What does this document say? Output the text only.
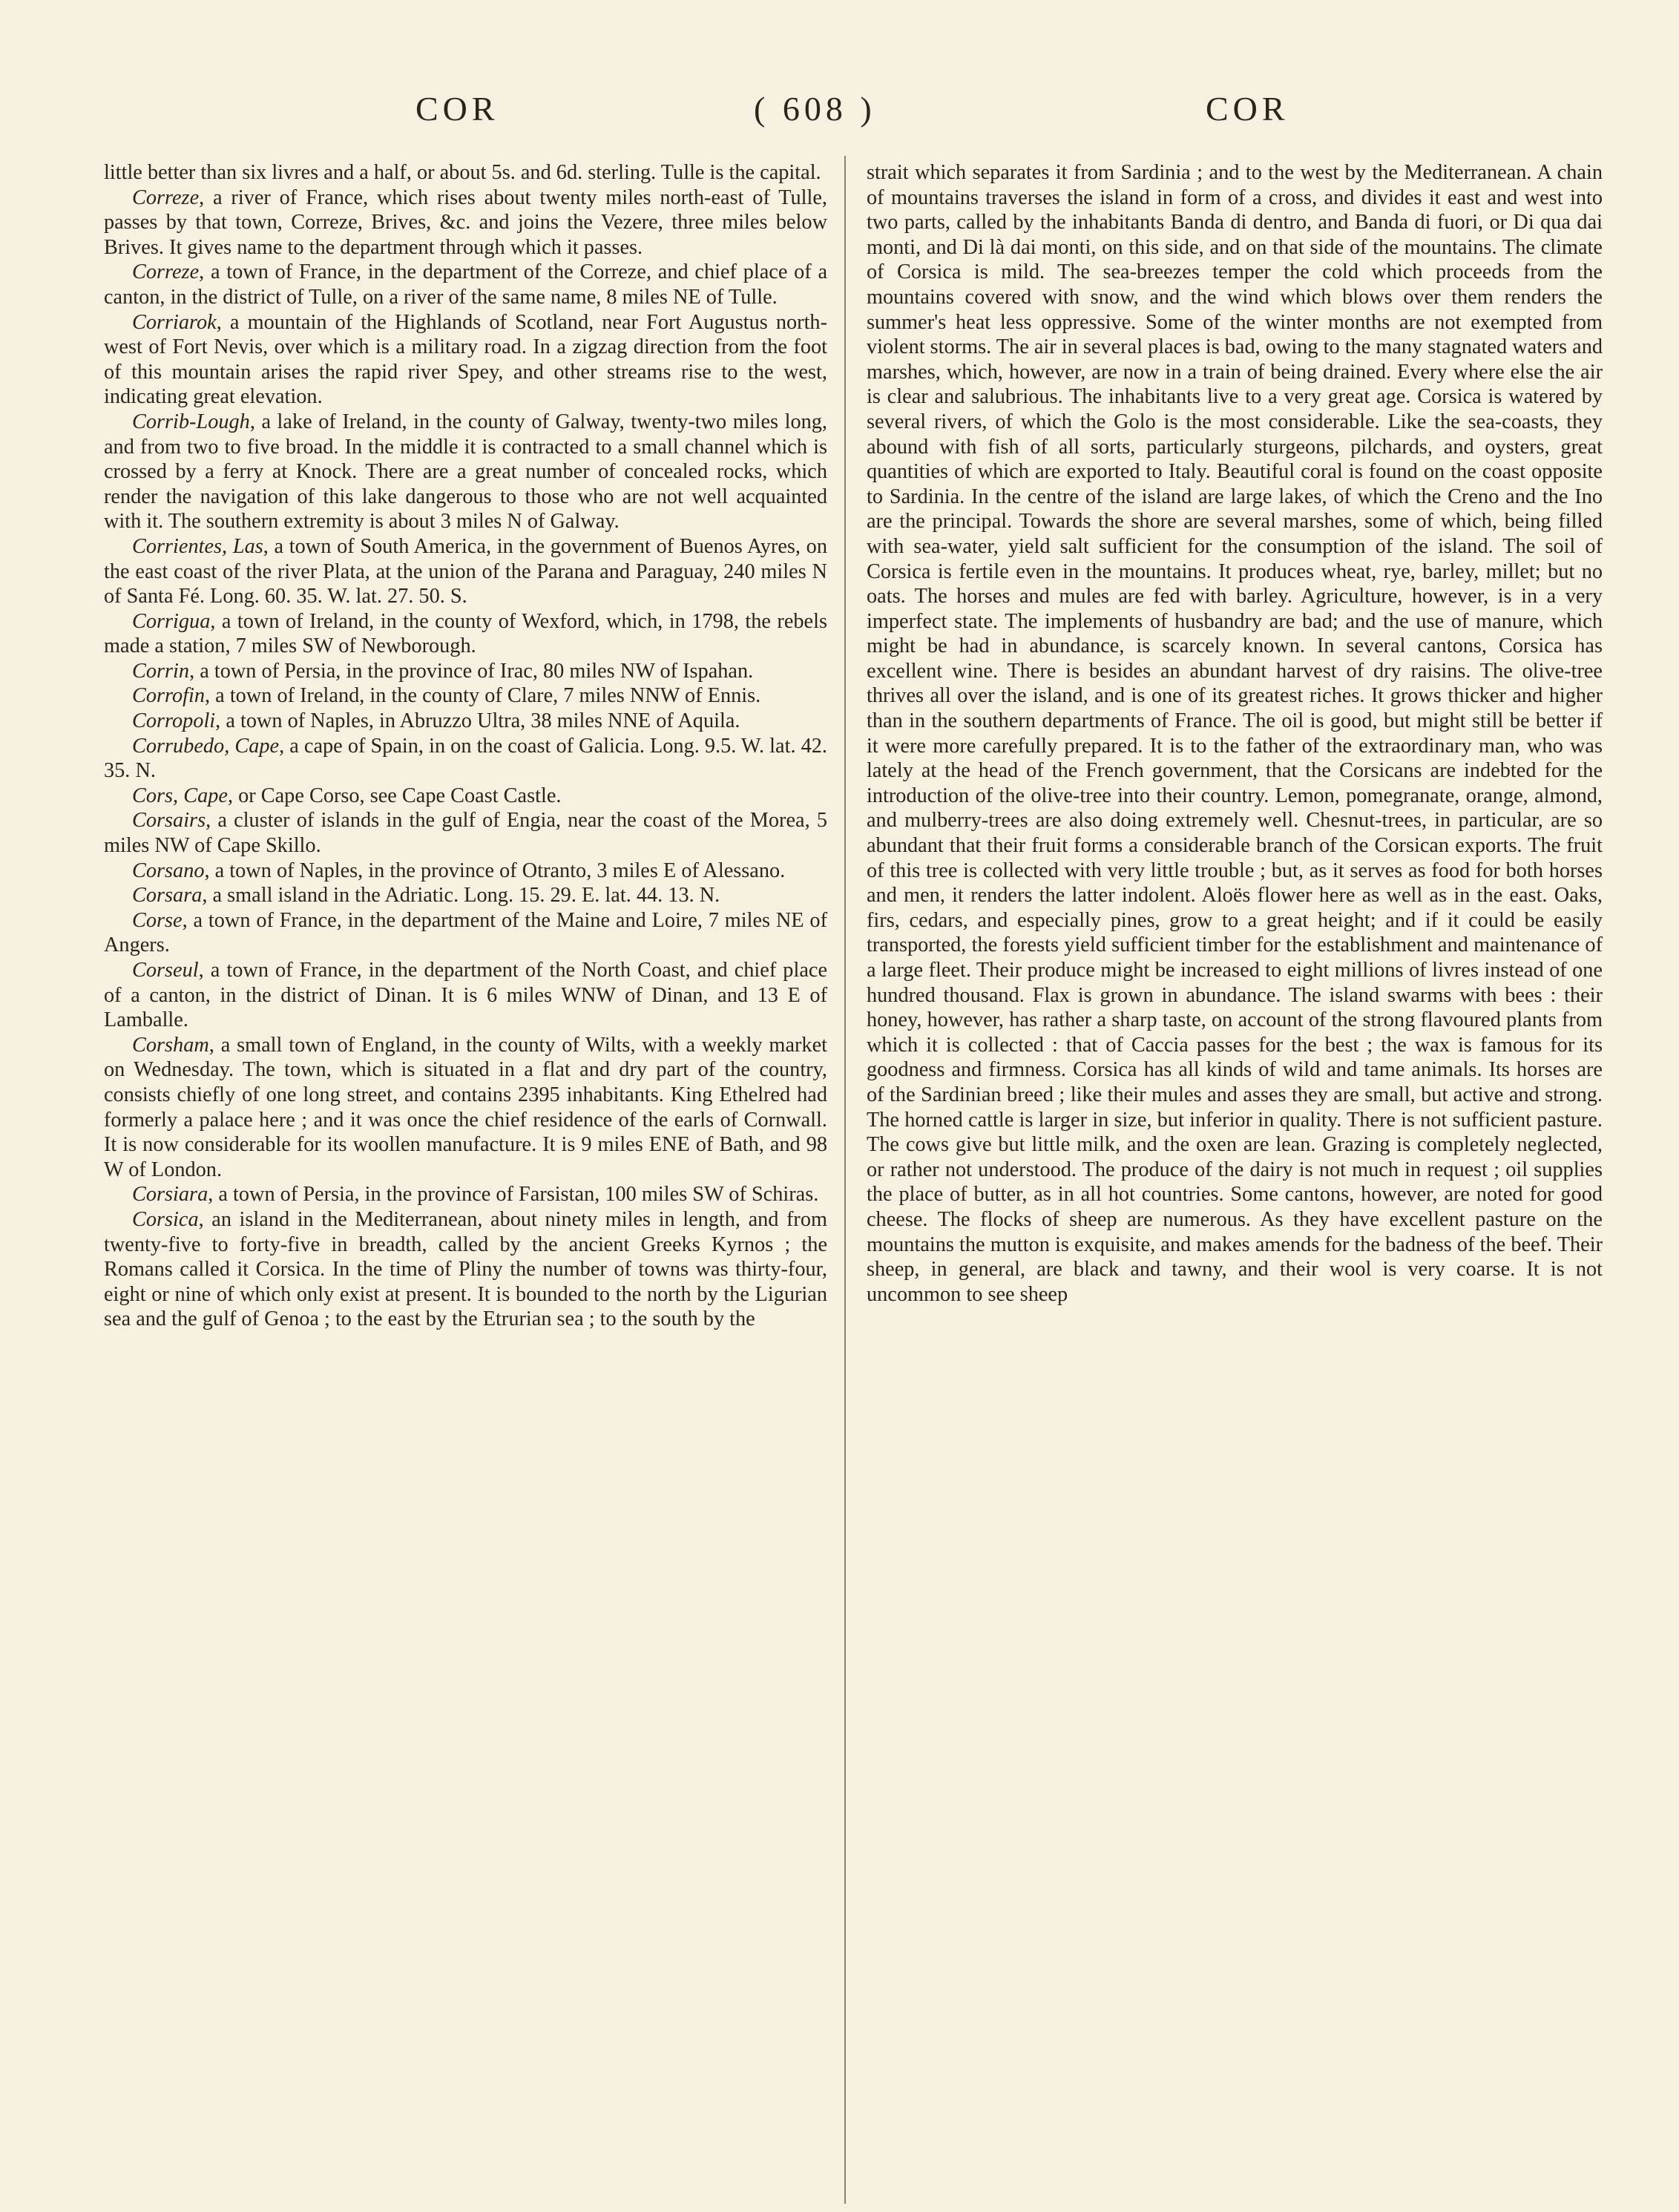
COR	( 608 )	COR

little better than six livres and a half, or about 5s. and 6d. sterling. Tulle is the capital.

Correze, a river of France, which rises about twenty miles north-east of Tulle, passes by that town, Correze, Brives, &c. and joins the Vezere, three miles below Brives. It gives name to the department through which it passes.

Correze, a town of France, in the department of the Correze, and chief place of a canton, in the district of Tulle, on a river of the same name, 8 miles NE of Tulle.

Corriarok, a mountain of the Highlands of Scotland, near Fort Augustus north-west of Fort Nevis, over which is a military road. In a zigzag direction from the foot of this mountain arises the rapid river Spey, and other streams rise to the west, indicating great elevation.

Corrib-Lough, a lake of Ireland, in the county of Galway, twenty-two miles long, and from two to five broad. In the middle it is contracted to a small channel which is crossed by a ferry at Knock. There are a great number of concealed rocks, which render the navigation of this lake dangerous to those who are not well acquainted with it. The southern extremity is about 3 miles N of Galway.

Corrientes, Las, a town of South America, in the government of Buenos Ayres, on the east coast of the river Plata, at the union of the Parana and Paraguay, 240 miles N of Santa Fé. Long. 60. 35. W. lat. 27. 50. S.

Corrigua, a town of Ireland, in the county of Wexford, which, in 1798, the rebels made a station, 7 miles SW of Newborough.

Corrin, a town of Persia, in the province of Irac, 80 miles NW of Ispahan.

Corrofin, a town of Ireland, in the county of Clare, 7 miles NNW of Ennis.

Corropoli, a town of Naples, in Abruzzo Ultra, 38 miles NNE of Aquila.

Corrubedo, Cape, a cape of Spain, in on the coast of Galicia. Long. 9.5. W. lat. 42. 35. N.

Cors, Cape, or Cape Corso, see Cape Coast Castle.

Corsairs, a cluster of islands in the gulf of Engia, near the coast of the Morea, 5 miles NW of Cape Skillo.

Corsano, a town of Naples, in the province of Otranto, 3 miles E of Alessano.

Corsara, a small island in the Adriatic. Long. 15. 29. E. lat. 44. 13. N.

Corse, a town of France, in the department of the Maine and Loire, 7 miles NE of Angers.

Corseul, a town of France, in the department of the North Coast, and chief place of a canton, in the district of Dinan. It is 6 miles WNW of Dinan, and 13 E of Lamballe.

Corsham, a small town of England, in the county of Wilts, with a weekly market on Wednesday. The town, which is situated in a flat and dry part of the country, consists chiefly of one long street, and contains 2395 inhabitants. King Ethelred had formerly a palace here ; and it was once the chief residence of the earls of Cornwall. It is now considerable for its woollen manufacture. It is 9 miles ENE of Bath, and 98 W of London.

Corsiara, a town of Persia, in the province of Farsistan, 100 miles SW of Schiras.

Corsica, an island in the Mediterranean, about ninety miles in length, and from twenty-five to forty-five in breadth, called by the ancient Greeks Kyrnos ; the Romans called it Corsica. In the time of Pliny the number of towns was thirty-four, eight or nine of which only exist at present. It is bounded to the north by the Ligurian sea and the gulf of Genoa ; to the east by the Etrurian sea ; to the south by the

strait which separates it from Sardinia ; and to the west by the Mediterranean. A chain of mountains traverses the island in form of a cross, and divides it east and west into two parts, called by the inhabitants Banda di dentro, and Banda di fuori, or Di qua dai monti, and Di là dai monti, on this side, and on that side of the mountains. The climate of Corsica is mild. The sea-breezes temper the cold which proceeds from the mountains covered with snow, and the wind which blows over them renders the summer's heat less oppressive. Some of the winter months are not exempted from violent storms. The air in several places is bad, owing to the many stagnated waters and marshes, which, however, are now in a train of being drained. Every where else the air is clear and salubrious. The inhabitants live to a very great age. Corsica is watered by several rivers, of which the Golo is the most considerable. Like the sea-coasts, they abound with fish of all sorts, particularly sturgeons, pilchards, and oysters, great quantities of which are exported to Italy. Beautiful coral is found on the coast opposite to Sardinia. In the centre of the island are large lakes, of which the Creno and the Ino are the principal. Towards the shore are several marshes, some of which, being filled with sea-water, yield salt sufficient for the consumption of the island. The soil of Corsica is fertile even in the mountains. It produces wheat, rye, barley, millet; but no oats. The horses and mules are fed with barley. Agriculture, however, is in a very imperfect state. The implements of husbandry are bad; and the use of manure, which might be had in abundance, is scarcely known. In several cantons, Corsica has excellent wine. There is besides an abundant harvest of dry raisins. The olive-tree thrives all over the island, and is one of its greatest riches. It grows thicker and higher than in the southern departments of France. The oil is good, but might still be better if it were more carefully prepared. It is to the father of the extraordinary man, who was lately at the head of the French government, that the Corsicans are indebted for the introduction of the olive-tree into their country. Lemon, pomegranate, orange, almond, and mulberry-trees are also doing extremely well. Chesnut-trees, in particular, are so abundant that their fruit forms a considerable branch of the Corsican exports. The fruit of this tree is collected with very little trouble ; but, as it serves as food for both horses and men, it renders the latter indolent. Aloës flower here as well as in the east. Oaks, firs, cedars, and especially pines, grow to a great height; and if it could be easily transported, the forests yield sufficient timber for the establishment and maintenance of a large fleet. Their produce might be increased to eight millions of livres instead of one hundred thousand. Flax is grown in abundance. The island swarms with bees : their honey, however, has rather a sharp taste, on account of the strong flavoured plants from which it is collected : that of Caccia passes for the best ; the wax is famous for its goodness and firmness. Corsica has all kinds of wild and tame animals. Its horses are of the Sardinian breed ; like their mules and asses they are small, but active and strong. The horned cattle is larger in size, but inferior in quality. There is not sufficient pasture. The cows give but little milk, and the oxen are lean. Grazing is completely neglected, or rather not understood. The produce of the dairy is not much in request ; oil supplies the place of butter, as in all hot countries. Some cantons, however, are noted for good cheese. The flocks of sheep are numerous. As they have excellent pasture on the mountains the mutton is exquisite, and makes amends for the badness of the beef. Their sheep, in general, are black and tawny, and their wool is very coarse. It is not uncommon to see sheep
